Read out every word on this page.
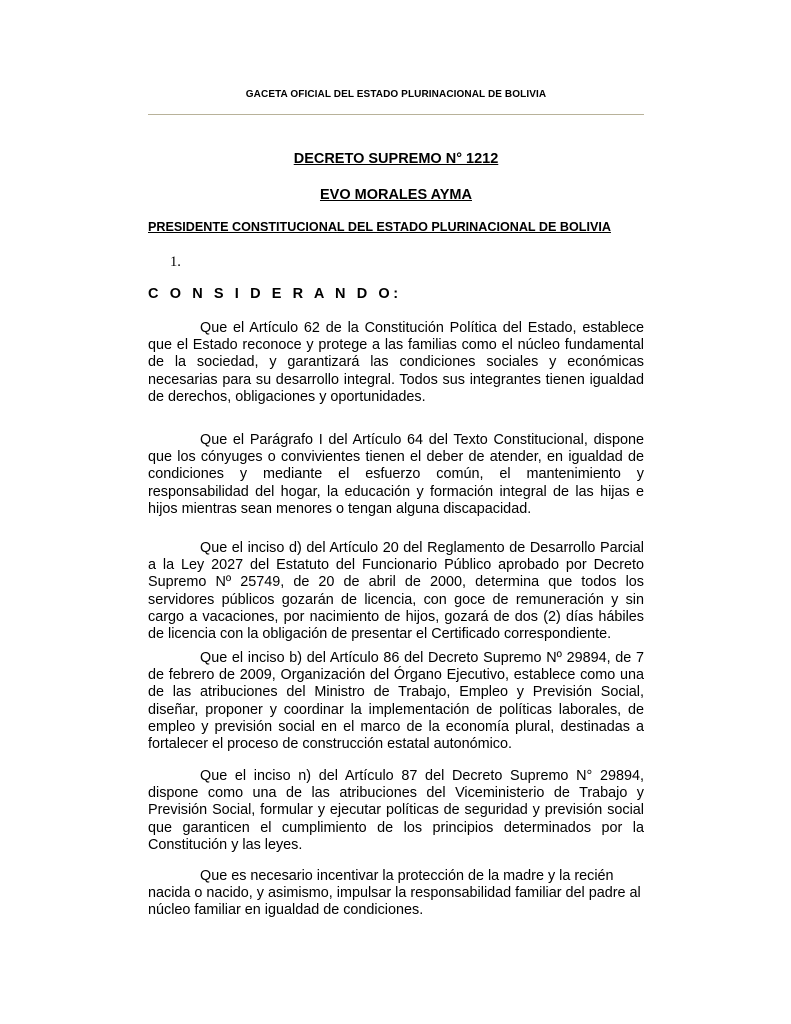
GACETA OFICIAL DEL ESTADO PLURINACIONAL DE BOLIVIA
DECRETO SUPREMO N° 1212
EVO MORALES AYMA
PRESIDENTE CONSTITUCIONAL DEL ESTADO PLURINACIONAL DE BOLIVIA
1.
C O N S I D E R A N D O:

Que el Artículo 62 de la Constitución Política del Estado, establece que el Estado reconoce y protege a las familias como el núcleo fundamental de la sociedad, y garantizará las condiciones sociales y económicas necesarias para su desarrollo integral. Todos sus integrantes tienen igualdad de derechos, obligaciones y oportunidades.

Que el Parágrafo I del Artículo 64 del Texto Constitucional, dispone que los cónyuges o convivientes tienen el deber de atender, en igualdad de condiciones y mediante el esfuerzo común, el mantenimiento y responsabilidad del hogar, la educación y formación integral de las hijas e hijos mientras sean menores o tengan alguna discapacidad.

Que el inciso d) del Artículo 20 del Reglamento de Desarrollo Parcial a la Ley 2027 del Estatuto del Funcionario Público aprobado por Decreto Supremo Nº 25749, de 20 de abril de 2000, determina que todos los servidores públicos gozarán de licencia, con goce de remuneración y sin cargo a vacaciones, por nacimiento de hijos, gozará de dos (2) días hábiles de licencia con la obligación de presentar el Certificado correspondiente.

Que el inciso b) del Artículo 86 del Decreto Supremo Nº 29894, de 7 de febrero de 2009, Organización del Órgano Ejecutivo, establece como una de las atribuciones del Ministro de Trabajo, Empleo y Previsión Social, diseñar, proponer y coordinar la implementación de políticas laborales, de empleo y previsión social en el marco de la economía plural, destinadas a fortalecer el proceso de construcción estatal autonómico.

Que el inciso n) del Artículo 87 del Decreto Supremo N° 29894, dispone como una de las atribuciones del Viceministerio de Trabajo y Previsión Social, formular y ejecutar políticas de seguridad y previsión social que garanticen el cumplimiento de los principios determinados por la Constitución y las leyes.

Que es necesario incentivar la protección de la madre y la recién nacida o nacido, y asimismo, impulsar la responsabilidad familiar del padre al núcleo familiar en igualdad de condiciones.
